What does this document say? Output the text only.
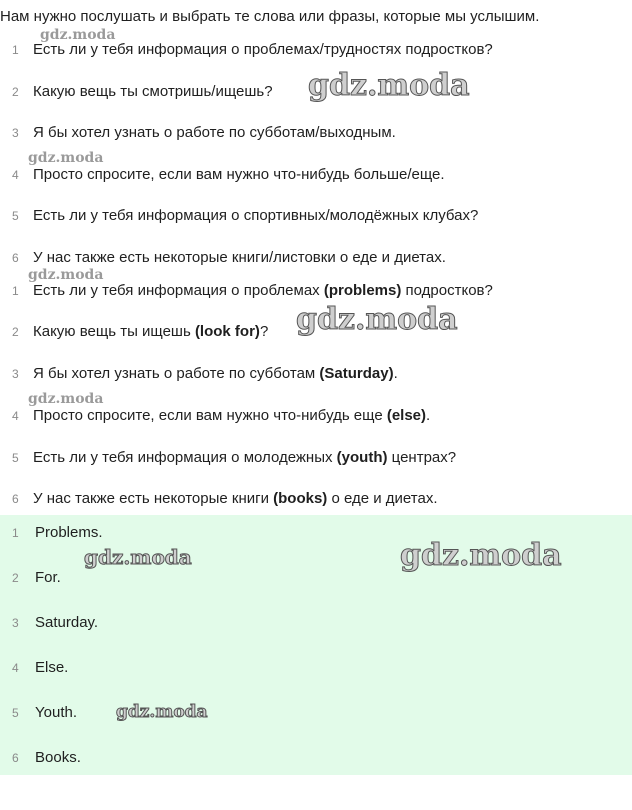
Нам нужно послушать и выбрать те слова или фразы, которые мы услышим.
1 Есть ли у тебя информация о проблемах/трудностях подростков?
2 Какую вещь ты смотришь/ищешь?
3 Я бы хотел узнать о работе по субботам/выходным.
4 Просто спросите, если вам нужно что-нибудь больше/еще.
5 Есть ли у тебя информация о спортивных/молодёжных клубах?
6 У нас также есть некоторые книги/листовки о еде и диетах.
1 Есть ли у тебя информация о проблемах (problems) подростков?
2 Какую вещь ты ищешь (look for)?
3 Я бы хотел узнать о работе по субботам (Saturday).
4 Просто спросите, если вам нужно что-нибудь еще (else).
5 Есть ли у тебя информация о молодежных (youth) центрах?
6 У нас также есть некоторые книги (books) о еде и диетах.
1	Problems.
2	For.
3	Saturday.
4	Else.
5	Youth.
6	Books.
gdz.moda
gdz.moda
gdz.moda
gdz.moda
gdz.moda
gdz.moda
gdz.moda	gdz.moda
gdz.moda
